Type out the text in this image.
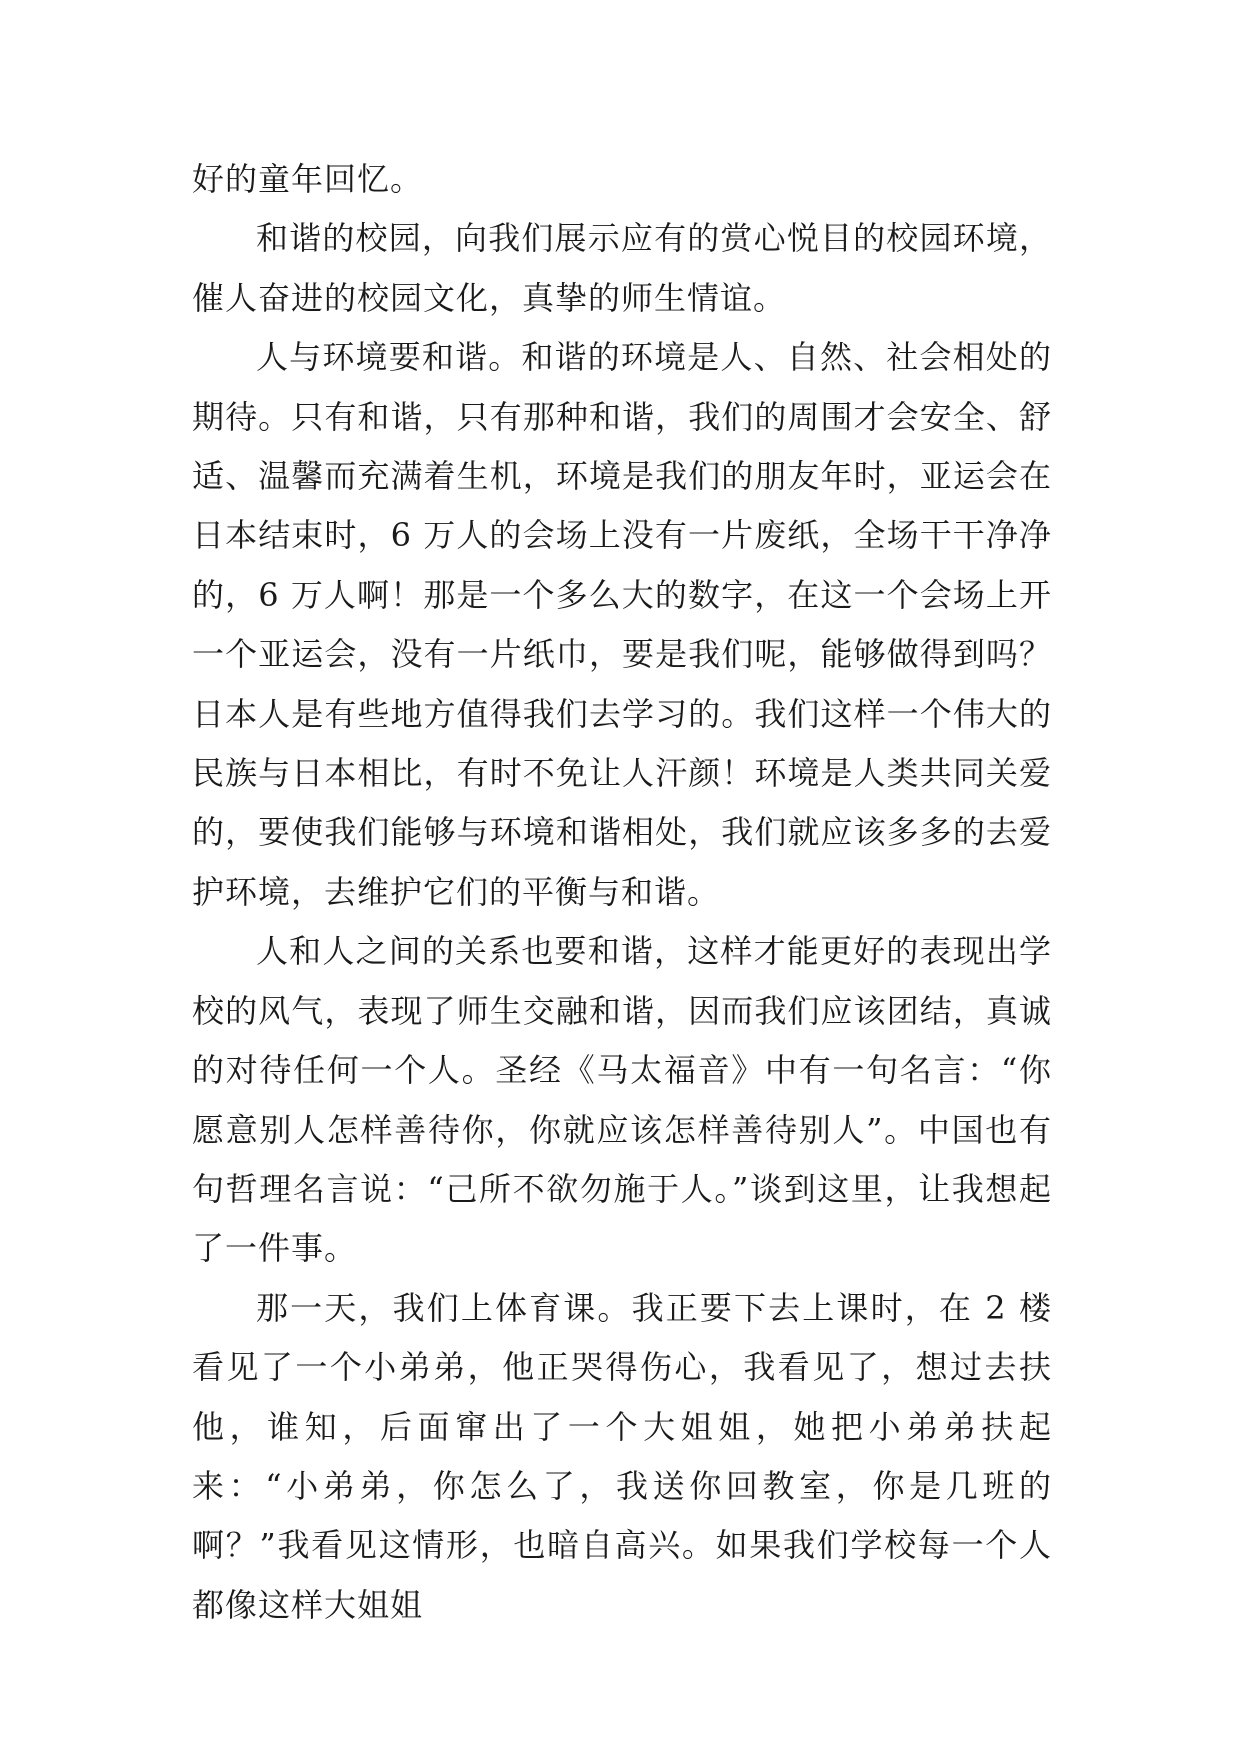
好的童年回忆。

和谐的校园，向我们展示应有的赏心悦目的校园环境，催人奋进的校园文化，真挚的师生情谊。

人与环境要和谐。和谐的环境是人、自然、社会相处的期待。只有和谐，只有那种和谐，我们的周围才会安全、舒适、温馨而充满着生机，环境是我们的朋友年时，亚运会在日本结束时，6 万人的会场上没有一片废纸，全场干干净净的，6 万人啊！那是一个多么大的数字，在这一个会场上开一个亚运会，没有一片纸巾，要是我们呢，能够做得到吗？日本人是有些地方值得我们去学习的。我们这样一个伟大的民族与日本相比，有时不免让人汗颜！环境是人类共同关爱的，要使我们能够与环境和谐相处，我们就应该多多的去爱护环境，去维护它们的平衡与和谐。

人和人之间的关系也要和谐，这样才能更好的表现出学校的风气，表现了师生交融和谐，因而我们应该团结，真诚的对待任何一个人。圣经《马太福音》中有一句名言：“你愿意别人怎样善待你，你就应该怎样善待别人”。中国也有句哲理名言说：“己所不欲勿施于人。”谈到这里，让我想起了一件事。

那一天，我们上体育课。我正要下去上课时，在 2 楼看见了一个小弟弟，他正哭得伤心，我看见了，想过去扶他，谁知，后面窜出了一个大姐姐，她把小弟弟扶起来：“小弟弟，你怎么了，我送你回教室，你是几班的啊？”我看见这情形，也暗自高兴。如果我们学校每一个人都像这样大姐姐
